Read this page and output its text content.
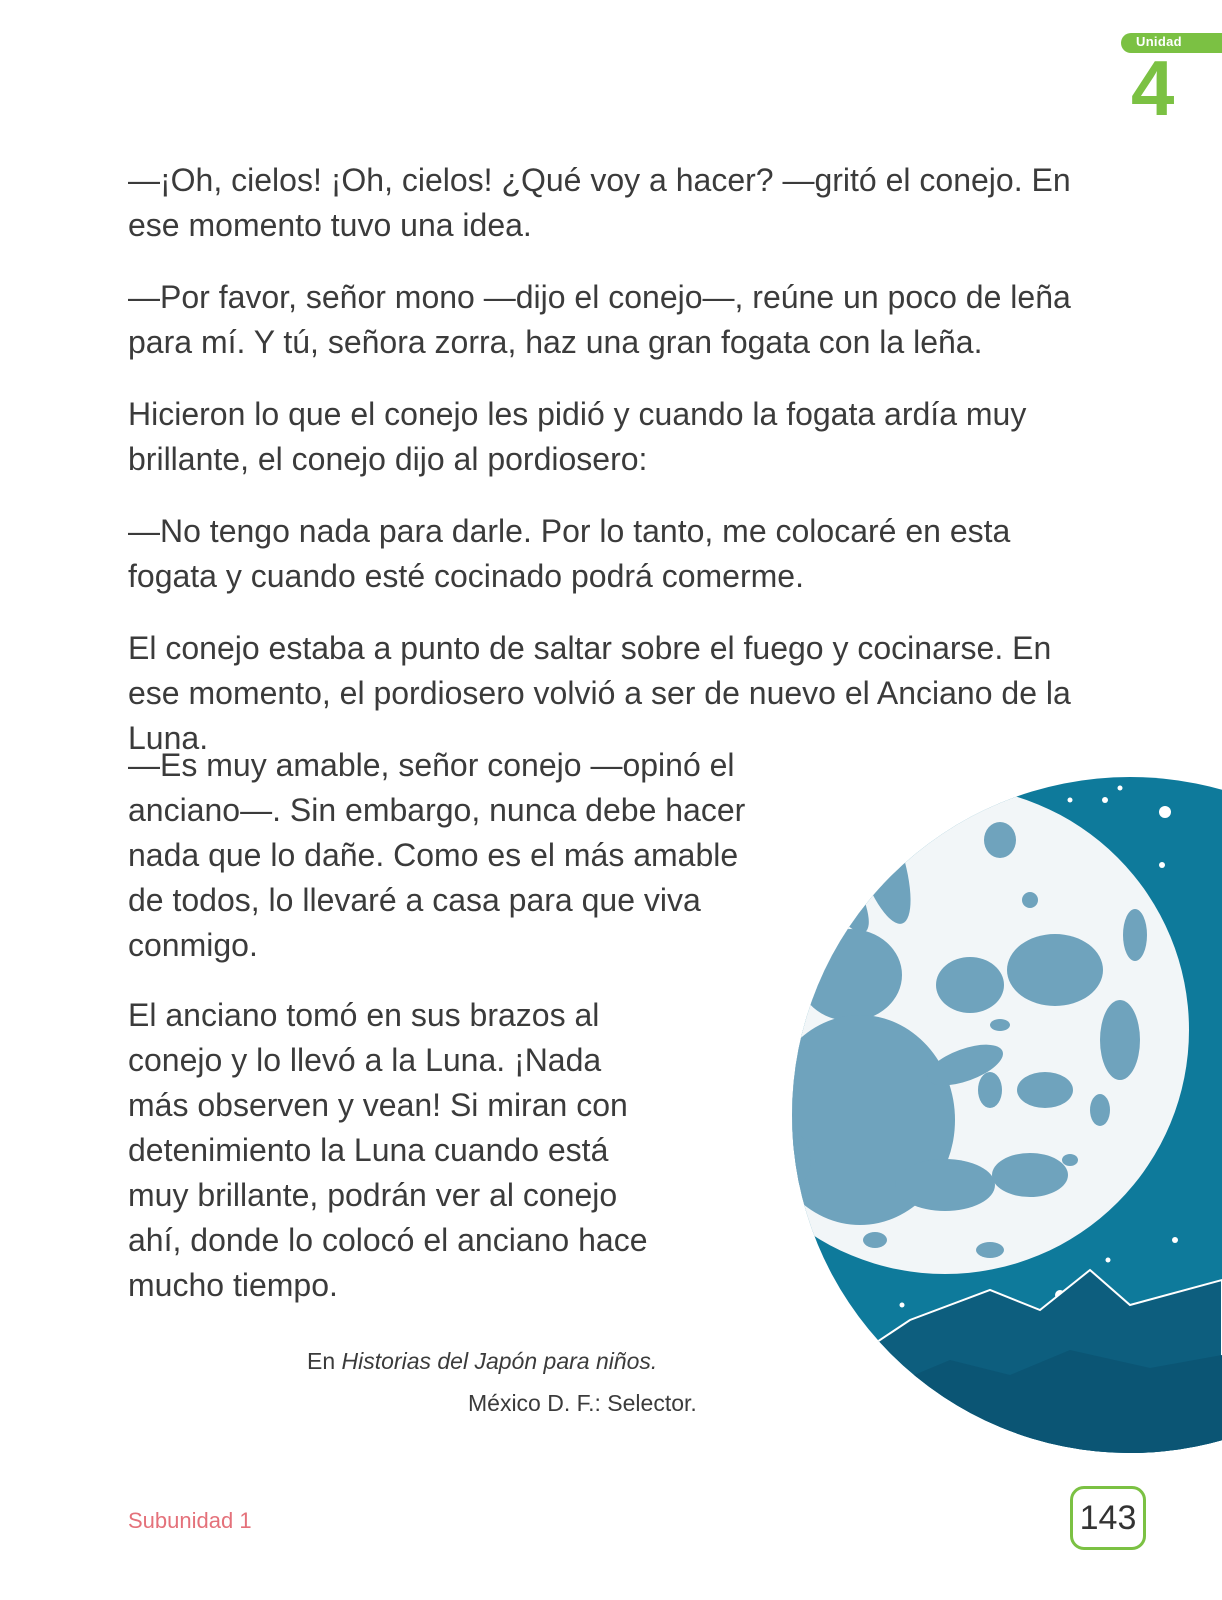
Unidad
4

—¡Oh, cielos! ¡Oh, cielos! ¿Qué voy a hacer? —gritó el conejo. En ese momento tuvo una idea.

—Por favor, señor mono —dijo el conejo—, reúne un poco de leña para mí. Y tú, señora zorra, haz una gran fogata con la leña.

Hicieron lo que el conejo les pidió y cuando la fogata ardía muy brillante, el conejo dijo al pordiosero:

—No tengo nada para darle. Por lo tanto, me colocaré en esta fogata y cuando esté cocinado podrá comerme.

El conejo estaba a punto de saltar sobre el fuego y cocinarse. En ese momento, el pordiosero volvió a ser de nuevo el Anciano de la Luna.

—Es muy amable, señor conejo —opinó el anciano—. Sin embargo, nunca debe hacer nada que lo dañe. Como es el más amable de todos, lo llevaré a casa para que viva conmigo.

El anciano tomó en sus brazos al conejo y lo llevó a la Luna. ¡Nada más observen y vean! Si miran con detenimiento la Luna cuando está muy brillante, podrán ver al conejo ahí, donde lo colocó el anciano hace mucho tiempo.

En Historias del Japón para niños.
México D. F.: Selector.
Subunidad 1	143
